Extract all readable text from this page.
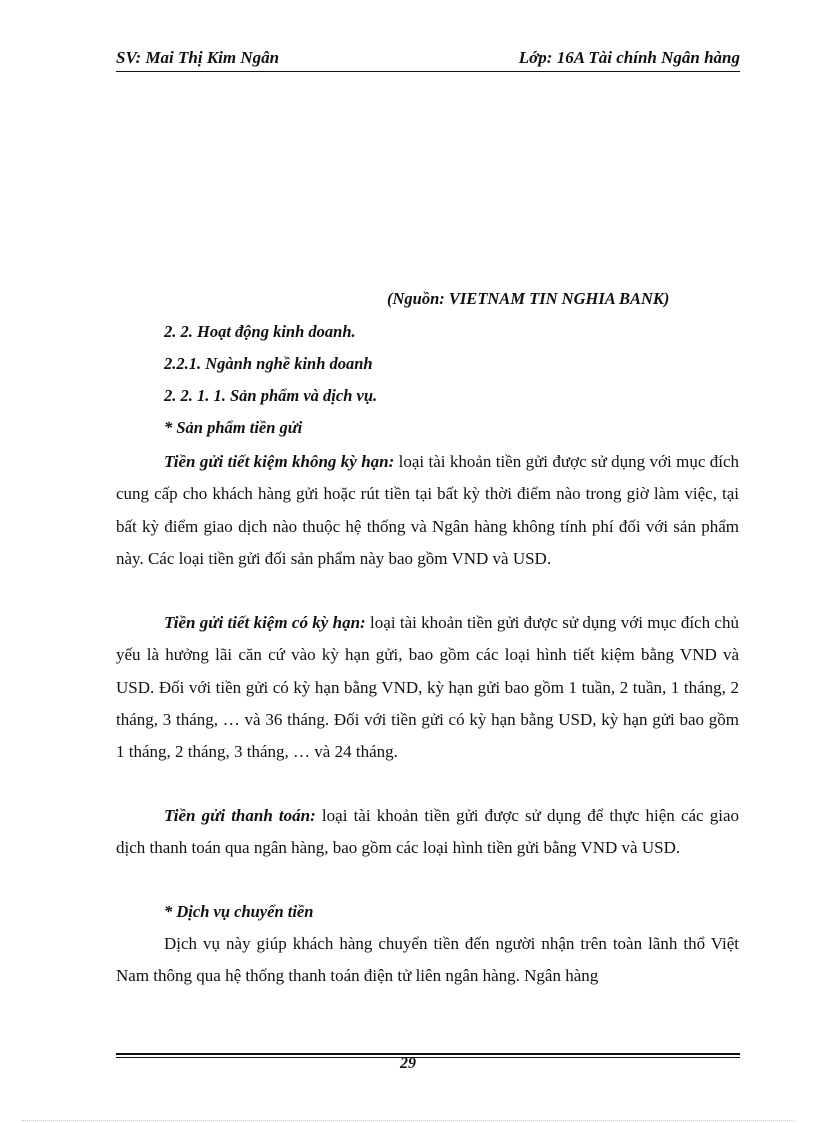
SV: Mai Thị Kim Ngân	Lớp: 16A Tài chính Ngân hàng
(Nguồn: VIETNAM TIN NGHIA BANK)
2. 2. Hoạt động kinh doanh.
2.2.1. Ngành nghề kinh doanh
2. 2. 1. 1. Sản phẩm và dịch vụ.
* Sản phẩm tiền gửi

Tiền gửi tiết kiệm không kỳ hạn: loại tài khoản tiền gửi được sử dụng với mục đích cung cấp cho khách hàng gửi hoặc rút tiền tại bất kỳ thời điểm nào trong giờ làm việc, tại bất kỳ điểm giao dịch nào thuộc hệ thống và Ngân hàng không tính phí đối với sản phẩm này. Các loại tiền gửi đối sản phẩm này bao gồm VND và USD.

Tiền gửi tiết kiệm có kỳ hạn: loại tài khoản tiền gửi được sử dụng với mục đích chủ yếu là hưởng lãi căn cứ vào kỳ hạn gửi, bao gồm các loại hình tiết kiệm bằng VND và USD. Đối với tiền gửi có kỳ hạn bằng VND, kỳ hạn gửi bao gồm 1 tuần, 2 tuần, 1 tháng, 2 tháng, 3 tháng, … và 36 tháng. Đối với tiền gửi có kỳ hạn bằng USD, kỳ hạn gửi bao gồm 1 tháng, 2 tháng, 3 tháng, … và 24 tháng.

Tiền gửi thanh toán: loại tài khoản tiền gửi được sử dụng để thực hiện các giao dịch thanh toán qua ngân hàng, bao gồm các loại hình tiền gửi bằng VND và USD.

* Dịch vụ chuyển tiền

Dịch vụ này giúp khách hàng chuyển tiền đến người nhận trên toàn lãnh thổ Việt Nam thông qua hệ thống thanh toán điện tử liên ngân hàng. Ngân hàng

29
